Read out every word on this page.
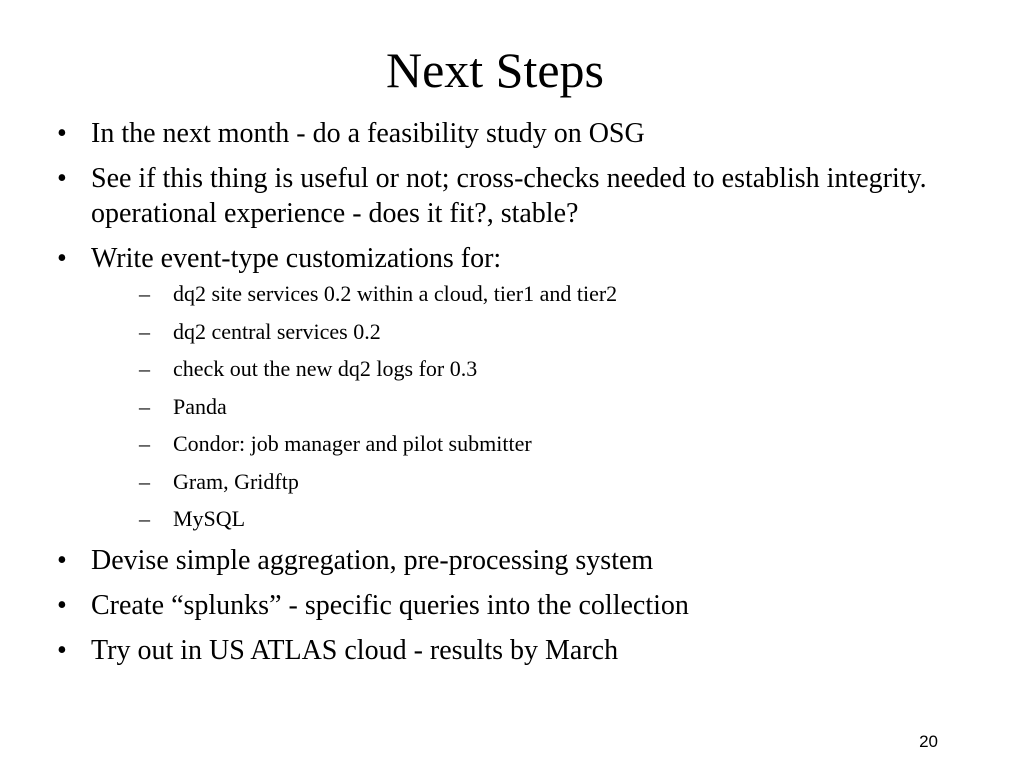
Next Steps
• In the next month - do a feasibility study on OSG
• See if this thing is useful or not; cross-checks needed to establish integrity. operational experience - does it fit?, stable?
• Write event-type customizations for:
– dq2 site services 0.2 within a cloud, tier1 and tier2
– dq2 central services 0.2
– check out the new dq2 logs for 0.3
– Panda
– Condor: job manager and pilot submitter
– Gram, Gridftp
– MySQL
• Devise simple aggregation, pre-processing system
• Create “splunks” - specific queries into the collection
• Try out in US ATLAS cloud - results by March
20
